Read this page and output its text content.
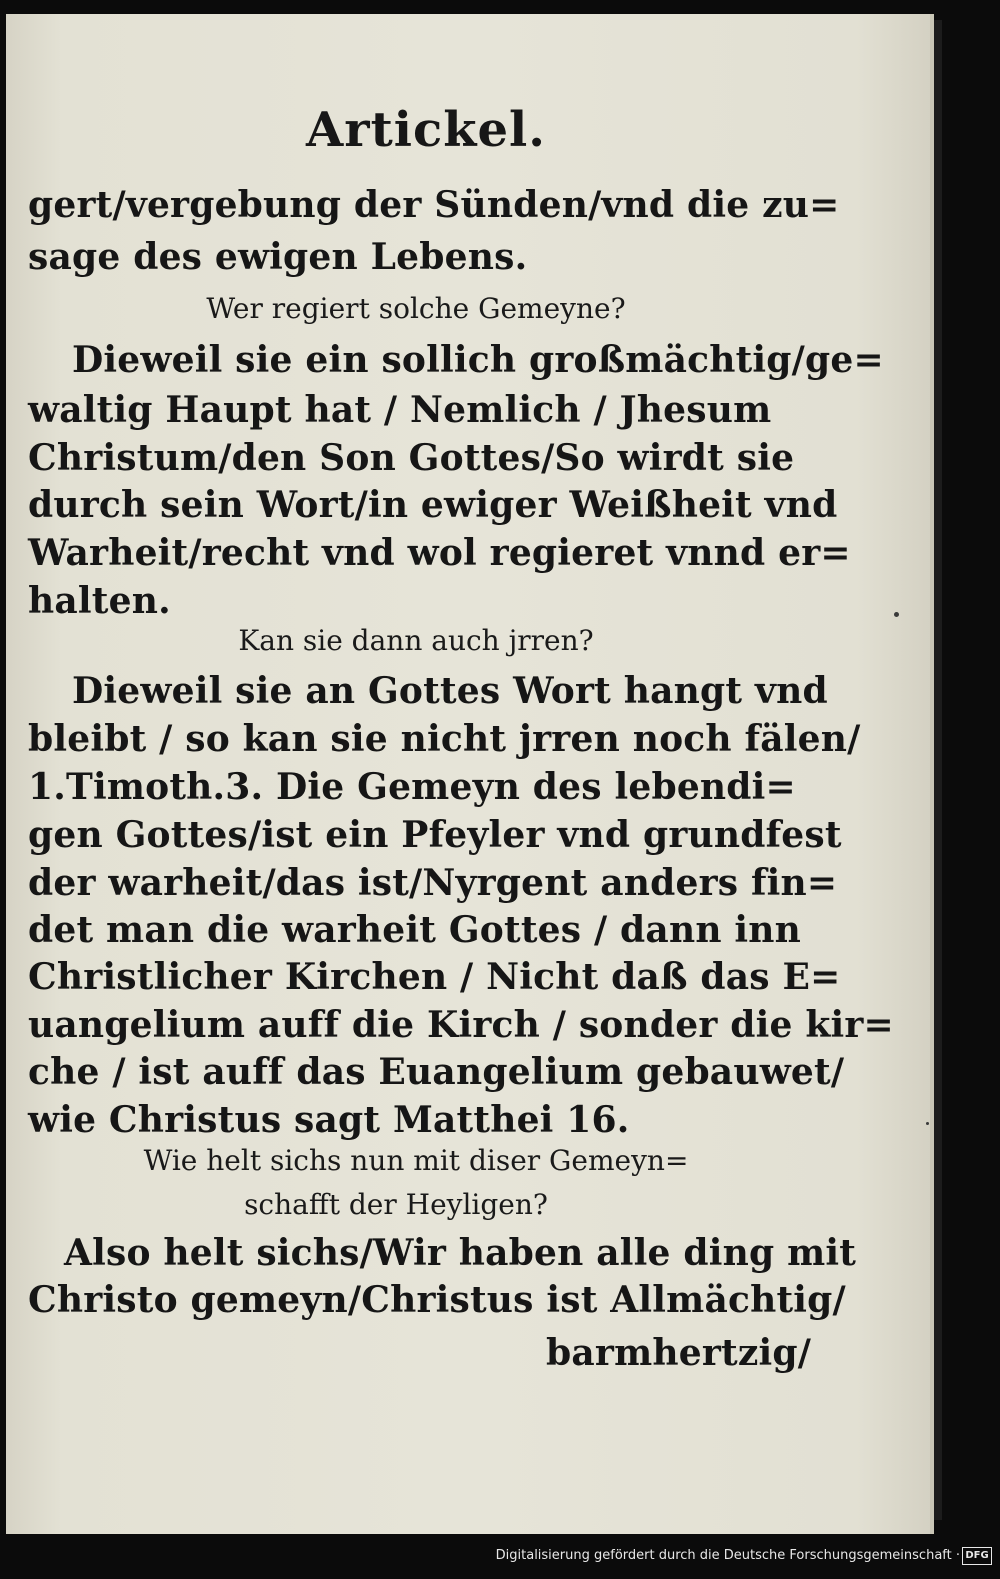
Artickel.
gert/vergebung der Sünden/vnd die zu=
sage des ewigen Lebens.
Wer regiert solche Gemeyne?
Dieweil sie ein sollich großmächtig/ge=
waltig Haupt hat / Nemlich / Jhesum
Christum/den Son Gottes/So wirdt sie
durch sein Wort/in ewiger Weißheit vnd
Warheit/recht vnd wol regieret vnnd er=
halten.
Kan sie dann auch jrren?
Dieweil sie an Gottes Wort hangt vnd
bleibt / so kan sie nicht jrren noch fälen/
1.Timoth.3. Die Gemeyn des lebendi=
gen Gottes/ist ein Pfeyler vnd grundfest
der warheit/das ist/Nyrgent anders fin=
det man die warheit Gottes / dann inn
Christlicher Kirchen / Nicht daß das E=
uangelium auff die Kirch / sonder die kir=
che / ist auff das Euangelium gebauwet/
wie Christus sagt Matthei 16.
Wie helt sichs nun mit diser Gemeyn=
schafft der Heyligen?
Also helt sichs/Wir haben alle ding mit
Christo gemeyn/Christus ist Allmächtig/
barmhertzig/
Digitalisierung gefördert durch die Deutsche Forschungsgemeinschaft · DFG
